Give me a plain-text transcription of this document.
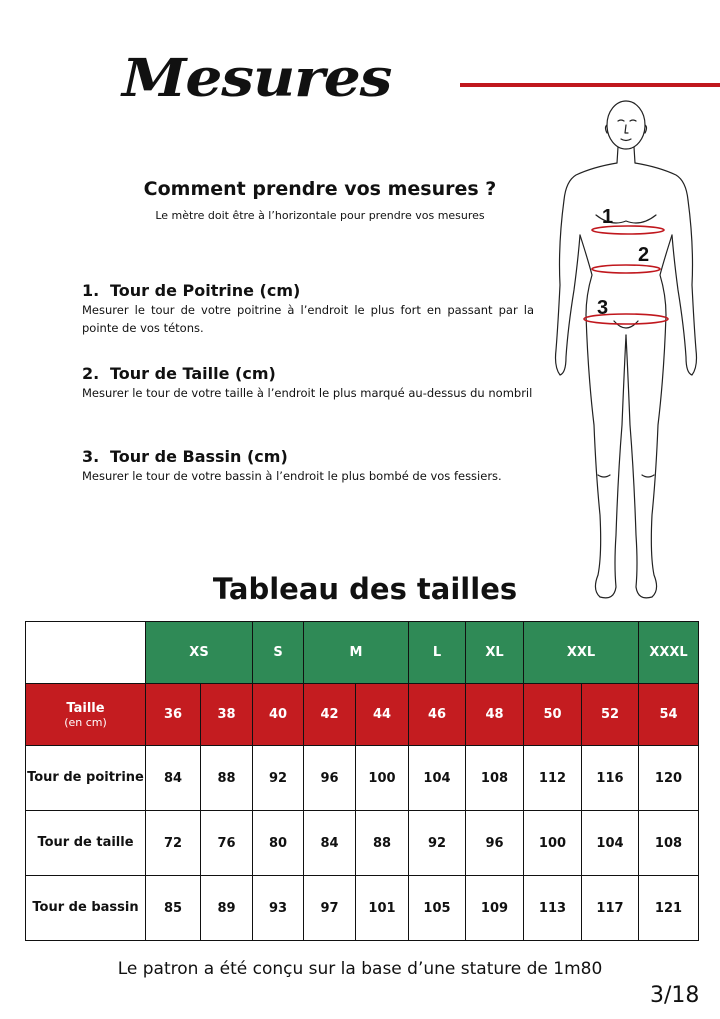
Mesures
Comment prendre vos mesures ?
Le mètre doit être à l’horizontale pour prendre vos mesures
1. Tour de Poitrine (cm)
Mesurer le tour de votre poitrine à l’endroit le plus fort en passant par la pointe de vos tétons.
2. Tour de Taille (cm)
Mesurer le tour de votre taille à l’endroit le plus marqué au-dessus du nombril
3. Tour de Bassin (cm)
Mesurer le tour de votre bassin à l’endroit le plus bombé de vos fessiers.
1
2
3
Tableau des tailles
	XS		S	M		L	XL	XXL		XXXL
Taille
(en cm)	36	38	40	42	44	46	48	50	52	54
Tour de poitrine	84	88	92	96	100	104	108	112	116	120
Tour de taille	72	76	80	84	88	92	96	100	104	108
Tour de bassin	85	89	93	97	101	105	109	113	117	121
Le patron a été conçu sur la base d’une stature de 1m80
3/18
